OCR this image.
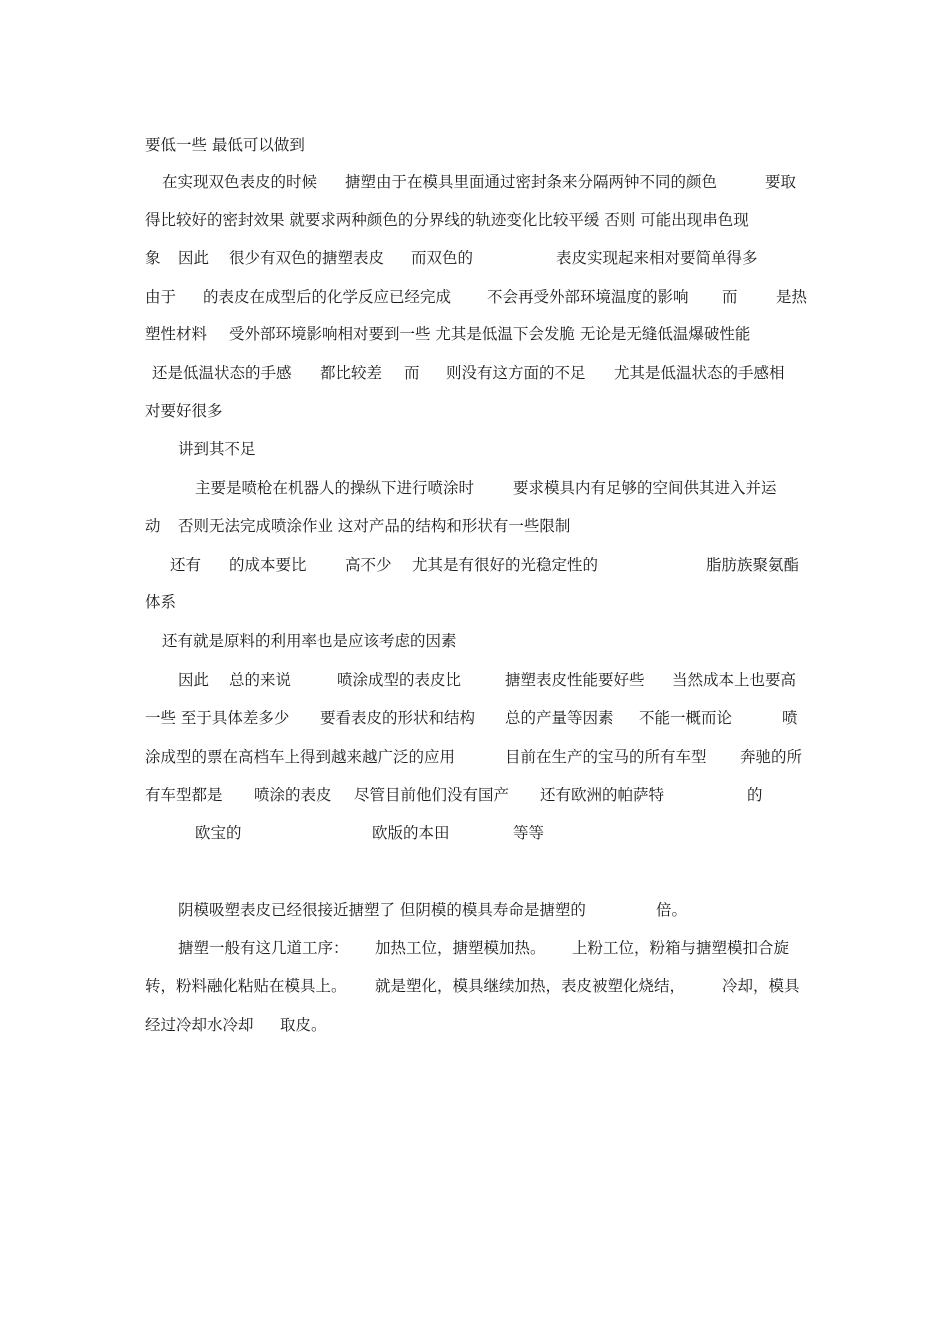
要低一些 最低可以做到
在实现双色表皮的时候 搪塑由于在模具里面通过密封条来分隔两钟不同的颜色	要取
得比较好的密封效果 就要求两种颜色的分界线的轨迹变化比较平缓 否则 可能出现串色现
象 因此 很少有双色的搪塑表皮 而双色的	表皮实现起来相对要简单得多
由于 的表皮在成型后的化学反应已经完成 不会再受外部环境温度的影响 而 是热
塑性材料 受外部环境影响相对要到一些 尤其是低温下会发脆 无论是无缝低温爆破性能
还是低温状态的手感 都比较差 而 则没有这方面的不足 尤其是低温状态的手感相
对要好很多
讲到其不足
主要是喷枪在机器人的操纵下进行喷涂时	要求模具内有足够的空间供其进入并运
动 否则无法完成喷涂作业 这对产品的结构和形状有一些限制
还有 的成本要比 高不少 尤其是有很好的光稳定性的	脂肪族聚氨酯
体系
还有就是原料的利用率也是应该考虑的因素
因此 总的来说	喷涂成型的表皮比	搪塑表皮性能要好些 当然成本上也要高
一些 至于具体差多少 要看表皮的形状和结构 总的产量等因素 不能一概而论	喷
涂成型的票在高档车上得到越来越广泛的应用	目前在生产的宝马的所有车型 奔驰的所
有车型都是 喷涂的表皮 尽管目前他们没有国产 还有欧洲的帕萨特	的
欧宝的	欧版的本田	等等
阴模吸塑表皮已经很接近搪塑了 但阴模的模具寿命是搪塑的	倍。
搪塑一般有这几道工序： 加热工位，搪塑模加热。 上粉工位，粉箱与搪塑模扣合旋
转，粉料融化粘贴在模具上。 就是塑化，模具继续加热，表皮被塑化烧结， 冷却，模具
经过冷却水冷却 取皮。
